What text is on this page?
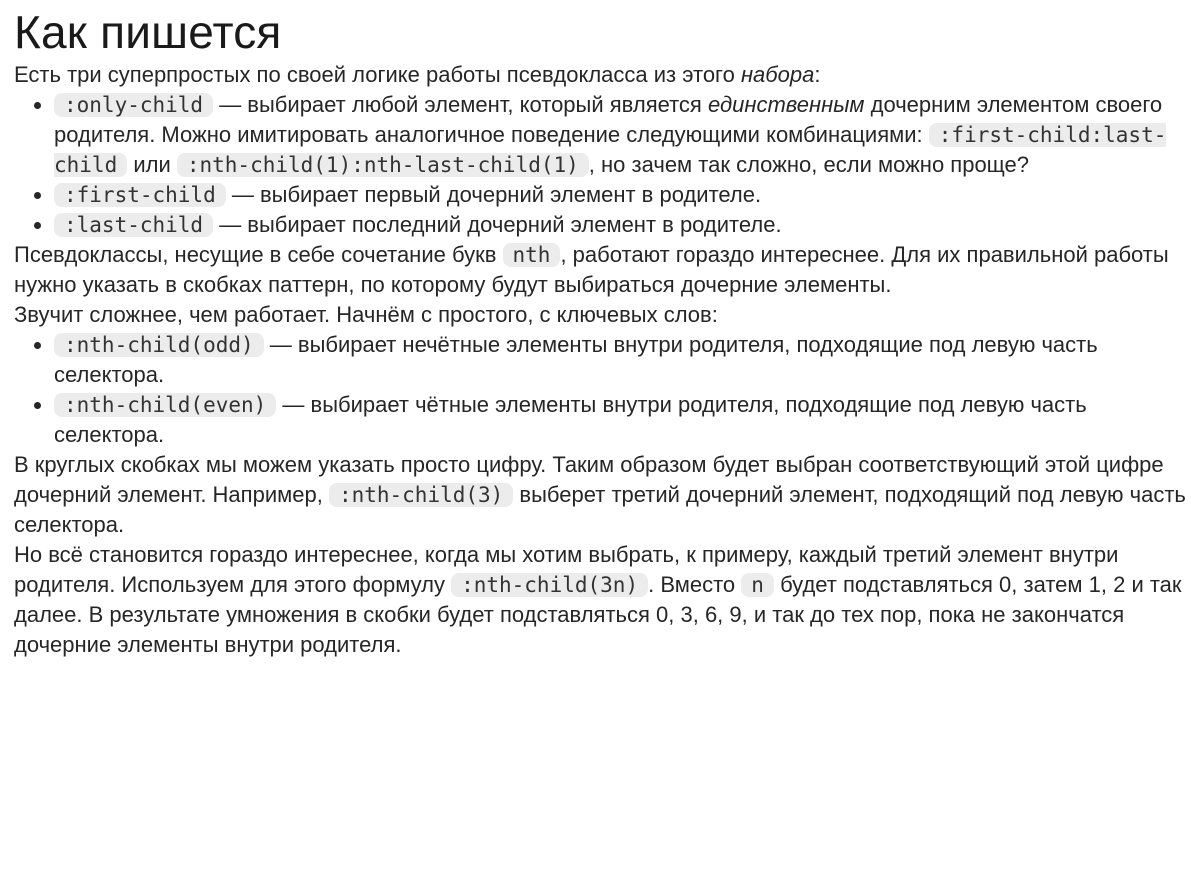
Как пишется

Есть три суперпростых по своей логике работы псевдокласса из этого набора:

• :only-child — выбирает любой элемент, который является единственным дочерним элементом своего родителя. Можно имитировать аналогичное поведение следующими комбинациями: :first-child:last-child или :nth-child(1):nth-last-child(1) , но зачем так сложно, если можно проще?
• :first-child — выбирает первый дочерний элемент в родителе.
• :last-child — выбирает последний дочерний элемент в родителе.

Псевдоклассы, несущие в себе сочетание букв nth , работают гораздо интереснее. Для их правильной работы нужно указать в скобках паттерн, по которому будут выбираться дочерние элементы.

Звучит сложнее, чем работает. Начнём с простого, с ключевых слов:

• :nth-child(odd) — выбирает нечётные элементы внутри родителя, подходящие под левую часть селектора.
• :nth-child(even) — выбирает чётные элементы внутри родителя, подходящие под левую часть селектора.

В круглых скобках мы можем указать просто цифру. Таким образом будет выбран соответствующий этой цифре дочерний элемент. Например, :nth-child(3) выберет третий дочерний элемент, подходящий под левую часть селектора.

Но всё становится гораздо интереснее, когда мы хотим выбрать, к примеру, каждый третий элемент внутри родителя. Используем для этого формулу :nth-child(3n) . Вместо n будет подставляться 0, затем 1, 2 и так далее. В результате умножения в скобки будет подставляться 0, 3, 6, 9, и так до тех пор, пока не закончатся дочерние элементы внутри родителя.
